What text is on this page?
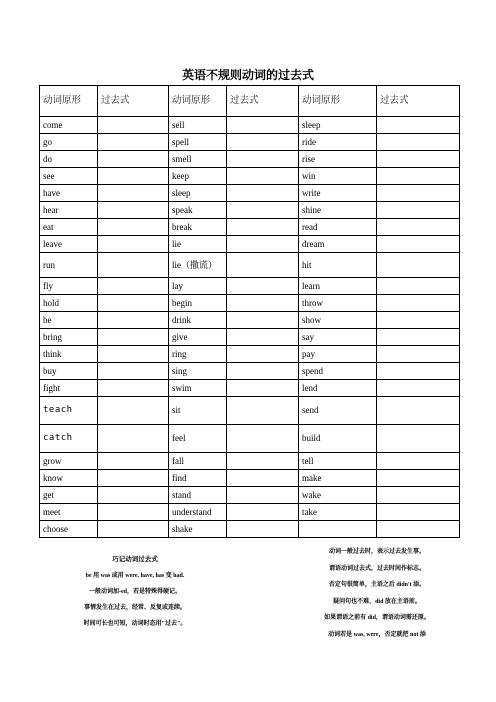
英语不规则动词的过去式
动词原形	过去式	动词原形	过去式	动词原形	过去式
come		sell		sleep	
go		spell		ride	
do		smell		rise	
see		keep		win	
have		sleep		write	
hear		speak		shine	
eat		break		read	
leave		lie		dream	
run		lie（撒谎）		hit	
fly		lay		learn	
hold		begin		throw	
be		drink		show	
bring		give		say	
think		ring		pay	
buy		sing		spend	
fight		swim		lend	
teach		sit		send	
catch		feel		build	
grow		fall		tell	
know		find		make	
get		stand		wake	
meet		understand		take	
choose		shake			
巧记动词过去式
be 用 was 或用 were, have, has 变 had.
一般动词加-ed，若是特殊得硬记。
事情发生在过去，经常、反复或连续。
时间可长也可短，动词时态用"过去"。
动词一般过去时，表示过去发生事。
谓语动词过去式，过去时间作标志。
否定句很简单，主语之后 didn't 添。
疑问句也不难，did 放在主语前。
如果谓语之前有 did，谓语动词需还原。
动词若是 was, were，否定就把 not 添
